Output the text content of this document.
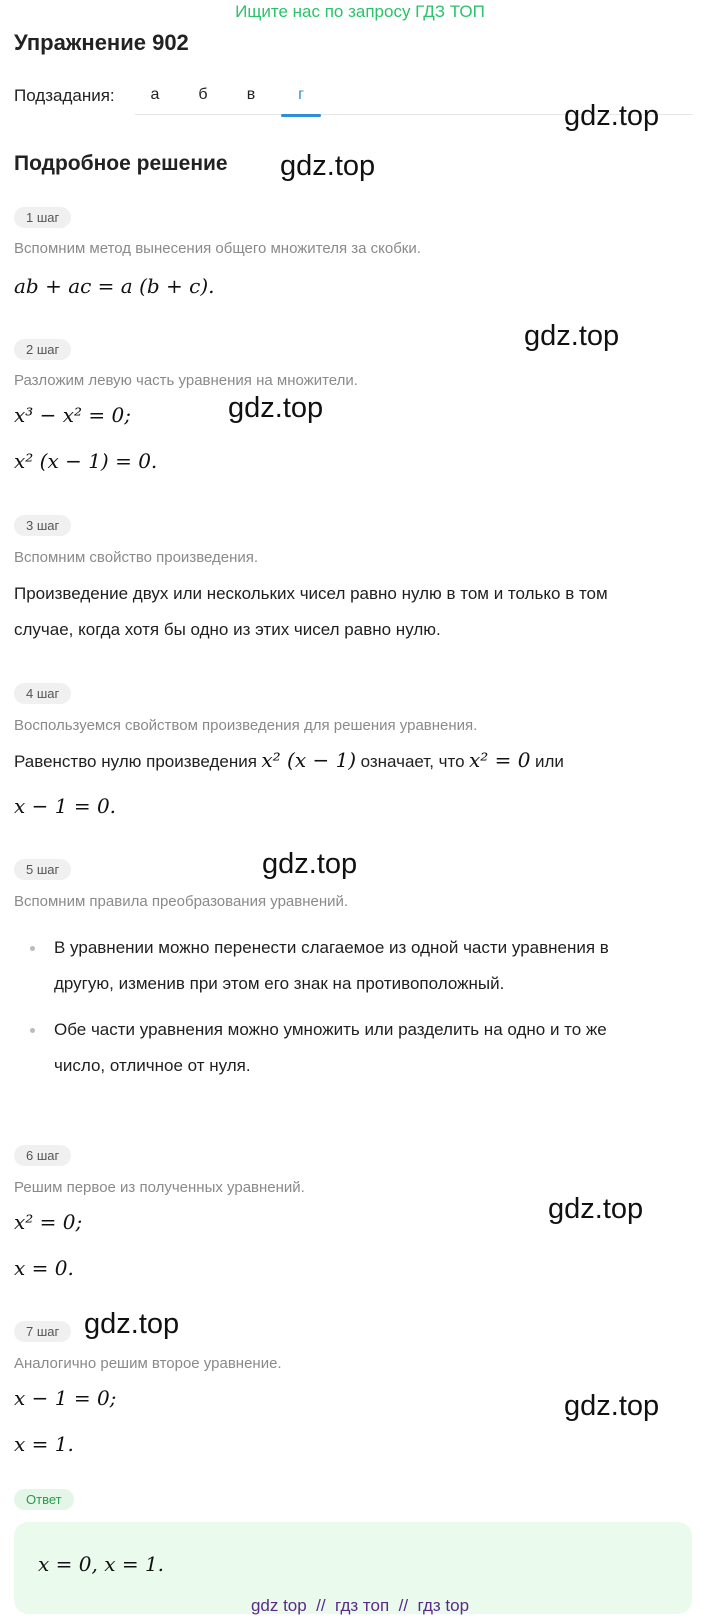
Ищите нас по запросу ГДЗ ТОП
Упражнение 902
Подзадания:	а	б	в	г
Подробное решение
gdz.top
gdz.top
gdz.top
gdz.top
gdz.top
gdz.top
gdz.top
gdz.top
1 шаг
Вспомним метод вынесения общего множителя за скобки.
ab + ac = a (b + c).
2 шаг
Разложим левую часть уравнения на множители.
x³ − x² = 0;
x² (x − 1) = 0.
3 шаг
Вспомним свойство произведения.
Произведение двух или нескольких чисел равно нулю в том и только в том
случае, когда хотя бы одно из этих чисел равно нулю.
4 шаг
Воспользуемся свойством произведения для решения уравнения.
Равенство нулю произведения x² (x − 1) означает, что x² = 0 или
x − 1 = 0.
5 шаг
Вспомним правила преобразования уравнений.
В уравнении можно перенести слагаемое из одной части уравнения в
другую, изменив при этом его знак на противоположный.
Обе части уравнения можно умножить или разделить на одно и то же
число, отличное от нуля.
6 шаг
Решим первое из полученных уравнений.
x² = 0;
x = 0.
7 шаг
Аналогично решим второе уравнение.
x − 1 = 0;
x = 1.
Ответ
x = 0, x = 1.
gdz top  //  гдз топ  //  гдз top
